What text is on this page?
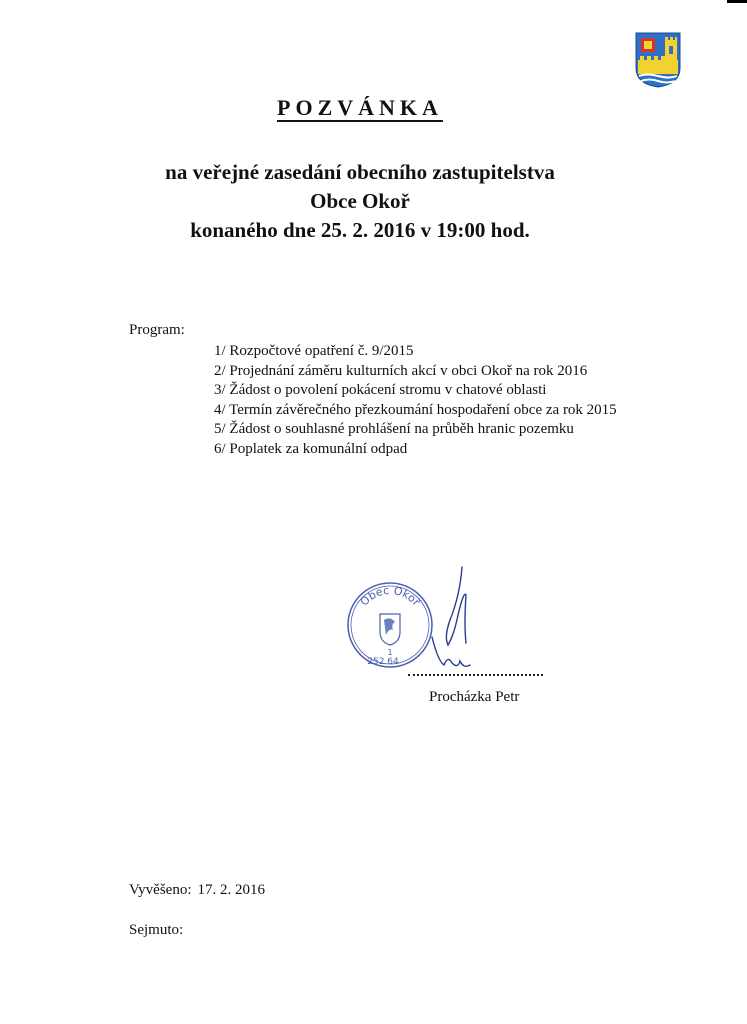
POZVÁNKA
na veřejné zasedání obecního zastupitelstva
Obce Okoř
konaného dne 25. 2. 2016 v 19:00 hod.
Program:
1/ Rozpočtové opatření č. 9/2015
2/ Projednání záměru kulturních akcí v obci Okoř na rok 2016
3/ Žádost o povolení pokácení stromu v chatové oblasti
4/ Termín závěrečného přezkoumání hospodaření obce za rok 2015
5/ Žádost o souhlasné prohlášení na průběh hranic pozemku
6/ Poplatek za komunální odpad
Obec Okoř
1
252 64
Procházka Petr
Vyvěšeno: 17. 2. 2016
Sejmuto:
